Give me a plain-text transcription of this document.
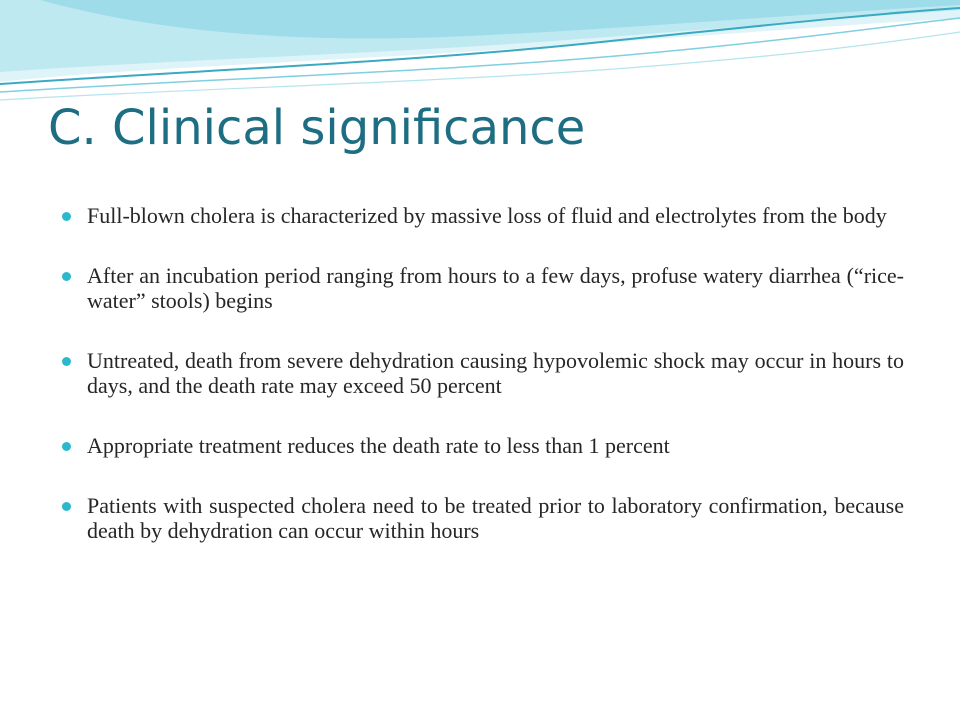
C. Clinical significance
Full-blown cholera is characterized by massive loss of fluid and electrolytes from the body
After an incubation period ranging from hours to a few days, profuse watery diarrhea (“rice-water” stools) begins
Untreated, death from severe dehydration causing hypovolemic shock may occur in hours to days, and the death rate may exceed 50 percent
Appropriate treatment reduces the death rate to less than 1 percent
Patients with suspected cholera need to be treated prior to laboratory confirmation, because death by dehydration can occur within hours
